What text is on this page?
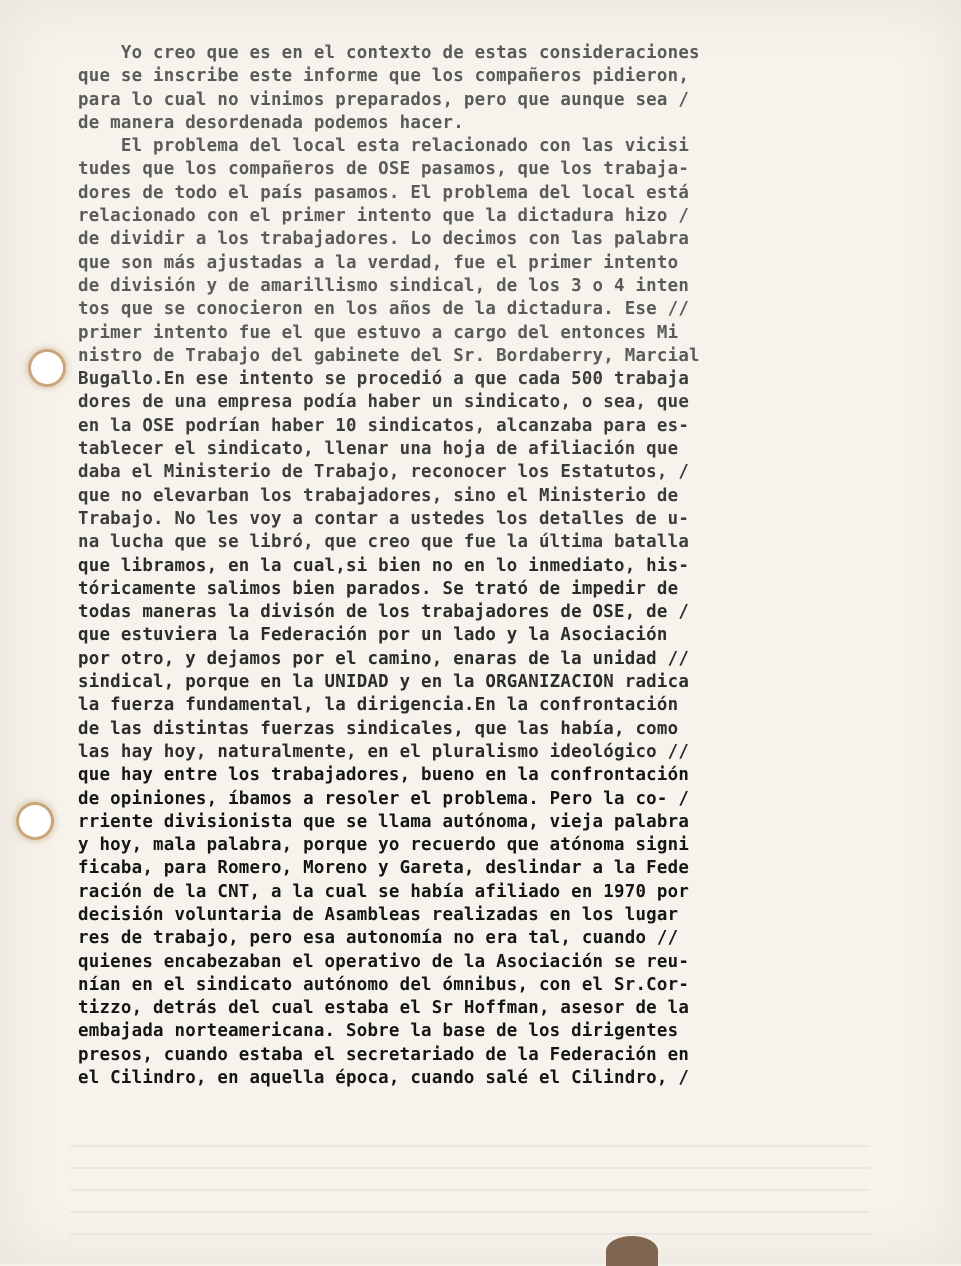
Yo creo que es en el contexto de estas consideraciones
que se inscribe este informe que los compañeros pidieron,
para lo cual no vinimos preparados, pero que aunque sea /
de manera desordenada podemos hacer.
El problema del local esta relacionado con las vicisi
tudes que los compañeros de OSE pasamos, que los trabaja-
dores de todo el país pasamos. El problema del local está
relacionado con el primer intento que la dictadura hizo /
de dividir a los trabajadores. Lo decimos con las palabra
que son más ajustadas a la verdad, fue el primer intento
de división y de amarillismo sindical, de los 3 o 4 inten
tos que se conocieron en los años de la dictadura. Ese //
primer intento fue el que estuvo a cargo del entonces Mi
nistro de Trabajo del gabinete del Sr. Bordaberry, Marcial
Bugallo.En ese intento se procedió a que cada 500 trabaja
dores de una empresa podía haber un sindicato, o sea, que
en la OSE podrían haber 10 sindicatos, alcanzaba para es-
tablecer el sindicato, llenar una hoja de afiliación que
daba el Ministerio de Trabajo, reconocer los Estatutos, /
que no elevarban los trabajadores, sino el Ministerio de
Trabajo. No les voy a contar a ustedes los detalles de u-
na lucha que se libró, que creo que fue la última batalla
que libramos, en la cual,si bien no en lo inmediato, his-
tóricamente salimos bien parados. Se trató de impedir de
todas maneras la divisón de los trabajadores de OSE, de /
que estuviera la Federación por un lado y la Asociación
por otro, y dejamos por el camino, enaras de la unidad //
sindical, porque en la UNIDAD y en la ORGANIZACION radica
la fuerza fundamental, la dirigencia.En la confrontación
de las distintas fuerzas sindicales, que las había, como
las hay hoy, naturalmente, en el pluralismo ideológico //
que hay entre los trabajadores, bueno en la confrontación
de opiniones, íbamos a resoler el problema. Pero la co- /
rriente divisionista que se llama autónoma, vieja palabra
y hoy, mala palabra, porque yo recuerdo que atónoma signi
ficaba, para Romero, Moreno y Gareta, deslindar a la Fede
ración de la CNT, a la cual se había afiliado en 1970 por
decisión voluntaria de Asambleas realizadas en los lugar
res de trabajo, pero esa autonomía no era tal, cuando //
quienes encabezaban el operativo de la Asociación se reu-
nían en el sindicato autónomo del ómnibus, con el Sr.Cor-
tizzo, detrás del cual estaba el Sr Hoffman, asesor de la
embajada norteamericana. Sobre la base de los dirigentes
presos, cuando estaba el secretariado de la Federación en
el Cilindro, en aquella época, cuando salé el Cilindro, /
